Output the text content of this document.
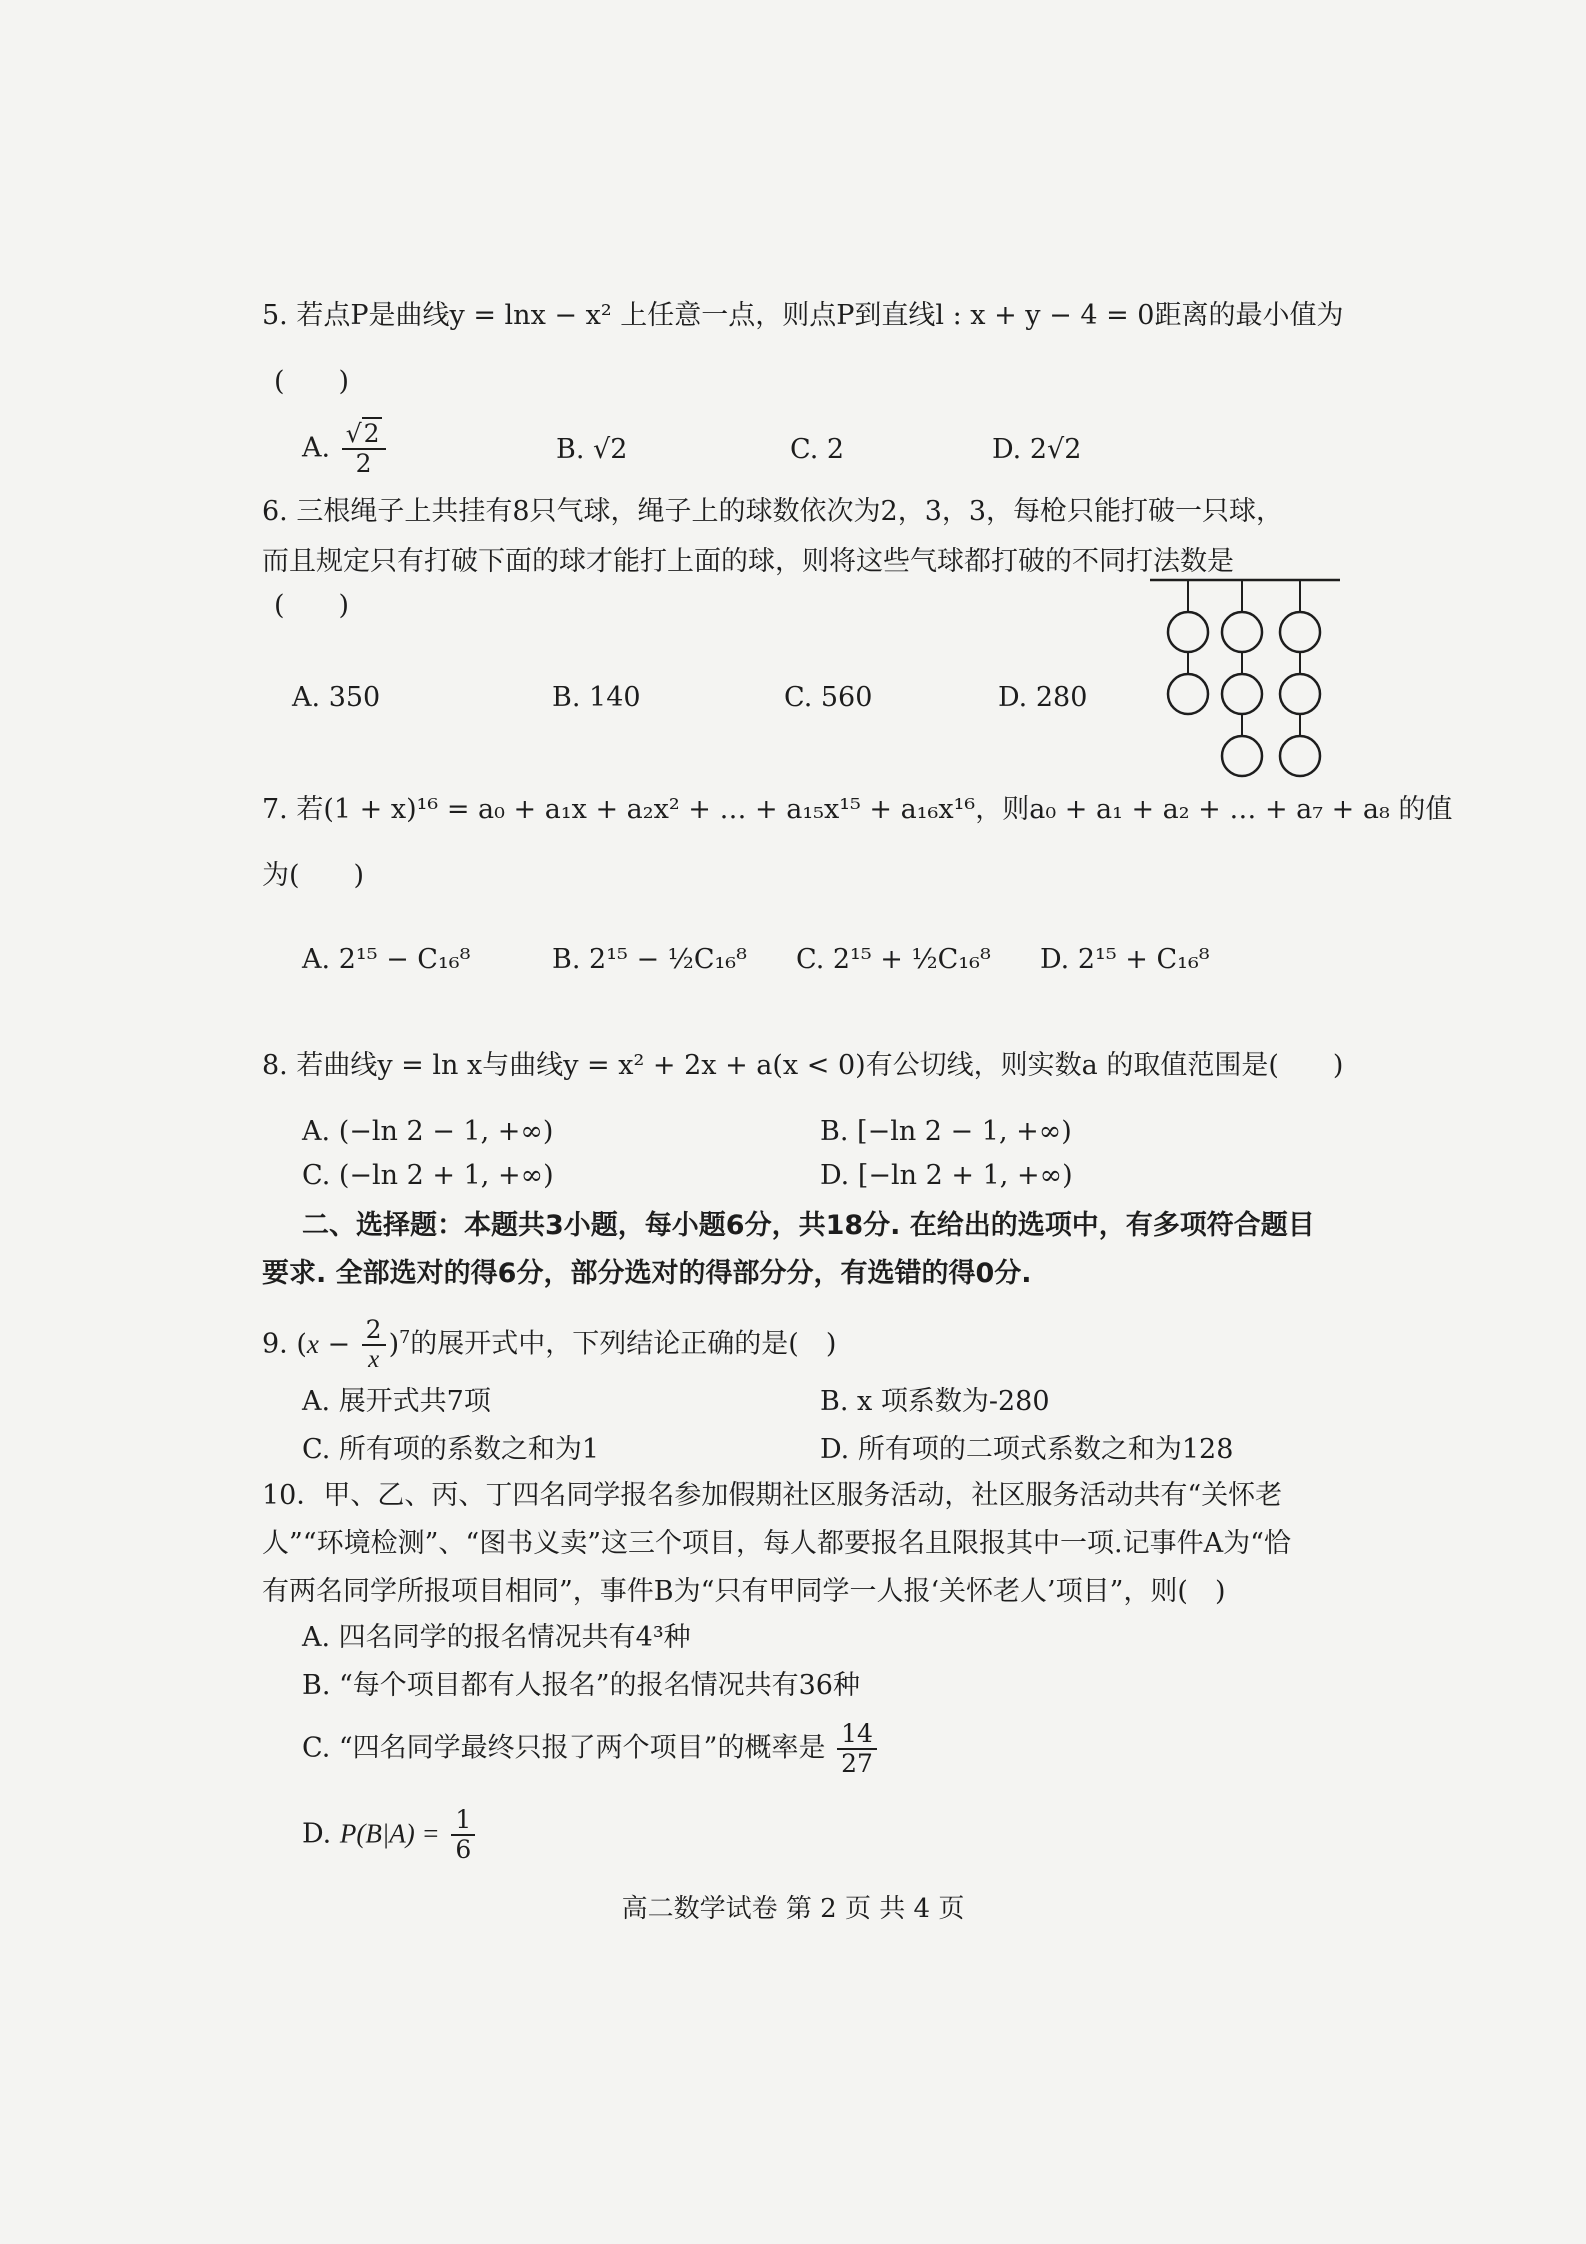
5. 若点P是曲线y = lnx − x² 上任意一点，则点P到直线l : x + y − 4 = 0距离的最小值为
(　　)
A. $\frac{√2}{2}$	B. √2	C. 2	D. 2√2
6. 三根绳子上共挂有8只气球，绳子上的球数依次为2，3，3，每枪只能打破一只球，
而且规定只有打破下面的球才能打上面的球，则将这些气球都打破的不同打法数是
(　　)
A. 350	B. 140	C. 560	D. 280
7. 若(1 + x)¹⁶ = a₀ + a₁x + a₂x² + … + a₁₅x¹⁵ + a₁₆x¹⁶，则a₀ + a₁ + a₂ + … + a₇ + a₈ 的值
为(　　)
A. 2¹⁵ − C₁₆⁸	B. 2¹⁵ − ½C₁₆⁸ C. 2¹⁵ + ½C₁₆⁸ D. 2¹⁵ + C₁₆⁸
8. 若曲线y = ln x与曲线y = x² + 2x + a(x < 0)有公切线，则实数a 的取值范围是(　　)
A. (−ln 2 − 1, +∞)	B. [−ln 2 − 1, +∞)
C. (−ln 2 + 1, +∞)	D. [−ln 2 + 1, +∞)
二、选择题：本题共3小题，每小题6分，共18分. 在给出的选项中，有多项符合题目
要求. 全部选对的得6分，部分选对的得部分分，有选错的得0分.
9. $(x - \frac{2}{x} )^7$的展开式中，下列结论正确的是(　)
A. 展开式共7项	B. x 项系数为-280
C. 所有项的系数之和为1	D. 所有项的二项式系数之和为128
10．甲、乙、丙、丁四名同学报名参加假期社区服务活动，社区服务活动共有“关怀老
人”“环境检测”、“图书义卖”这三个项目，每人都要报名且限报其中一项.记事件A为“恰
有两名同学所报项目相同”，事件B为“只有甲同学一人报‘关怀老人’项目”，则(　)
A. 四名同学的报名情况共有4³种
B. “每个项目都有人报名”的报名情况共有36种
C. “四名同学最终只报了两个项目”的概率是 $\frac{14}{27}$
D. $P(B|A) = \frac{1}{6}$
高二数学试卷 第 2 页 共 4 页
